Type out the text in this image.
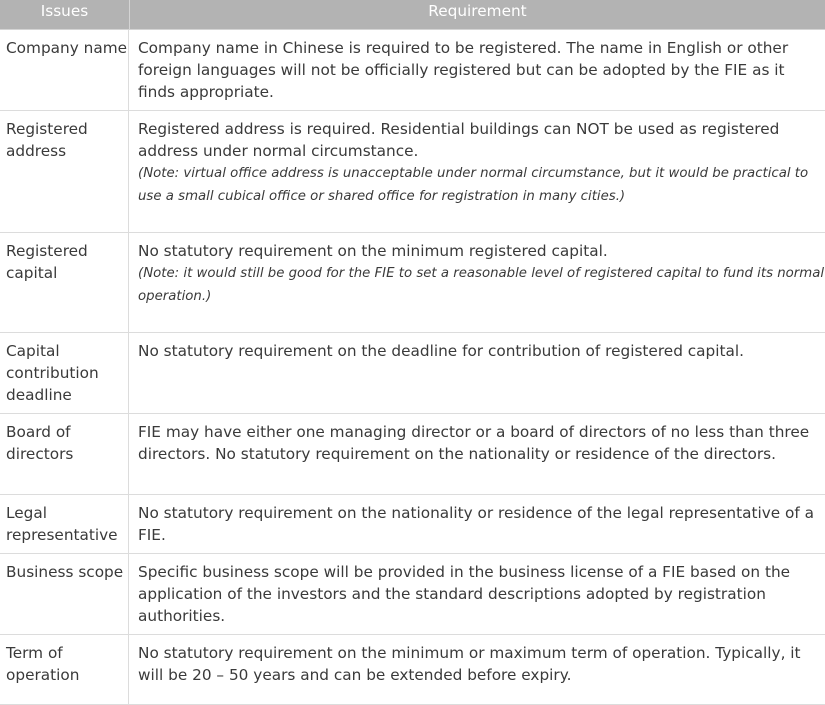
Issues	Requirement
Company name Company name in Chinese is required to be registered. The name in English or other foreign languages will not be officially registered but can be adopted by the FIE as it finds appropriate.
Registered address
Registered address is required. Residential buildings can NOT be used as registered address under normal circumstance.
(Note: virtual office address is unacceptable under normal circumstance, but it would be practical to use a small cubical office or shared office for registration in many cities.)
Registered capital
No statutory requirement on the minimum registered capital.
(Note: it would still be good for the FIE to set a reasonable level of registered capital to fund its normal operation.)
Capital contribution deadline
No statutory requirement on the deadline for contribution of registered capital.
Board of directors
FIE may have either one managing director or a board of directors of no less than three directors. No statutory requirement on the nationality or residence of the directors.
Legal representative
No statutory requirement on the nationality or residence of the legal representative of a FIE.
Business scope Specific business scope will be provided in the business license of a FIE based on the application of the investors and the standard descriptions adopted by registration authorities.
Term of operation
No statutory requirement on the minimum or maximum term of operation. Typically, it will be 20 – 50 years and can be extended before expiry.
